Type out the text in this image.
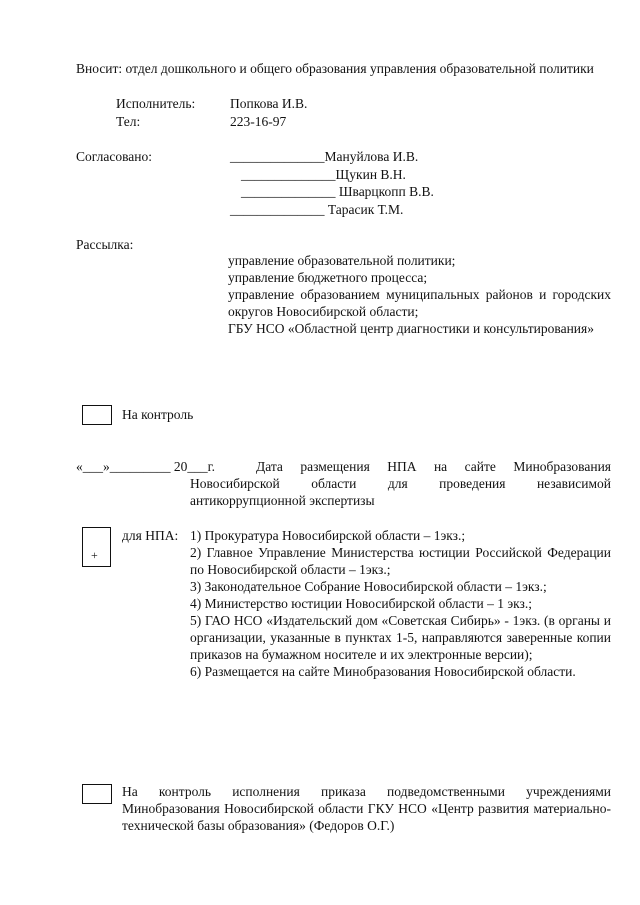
Вносит: отдел дошкольного и общего образования управления образовательной политики
Исполнитель:	Попкова И.В.
Тел:	223-16-97
Согласовано:	______________Мануйлова И.В.
______________Щукин В.Н.
______________ Шварцкопп В.В.
______________ Тарасик Т.М.
Рассылка:
управление образовательной политики;
управление бюджетного процесса;
управление образованием муниципальных районов и городских округов Новосибирской области;
ГБУ НСО «Областной центр диагностики и консультирования»
На контроль
«___»_________ 20___г.	Дата размещения НПА на сайте Минобразования Новосибирской области для проведения независимой антикоррупционной экспертизы
+
для НПА: 1) Прокуратура Новосибирской области – 1экз.;
2) Главное Управление Министерства юстиции Российской Федерации по Новосибирской области – 1экз.;
3) Законодательное Собрание Новосибирской области – 1экз.;
4) Министерство юстиции Новосибирской области – 1 экз.;
5) ГАО НСО «Издательский дом «Советская Сибирь» - 1экз. (в органы и организации, указанные в пунктах 1-5, направляются заверенные копии приказов на бумажном носителе и их электронные версии);
6) Размещается на сайте Минобразования Новосибирской области.
На контроль исполнения приказа подведомственными учреждениями Минобразования Новосибирской области ГКУ НСО «Центр развития материально-технической базы образования» (Федоров О.Г.)
